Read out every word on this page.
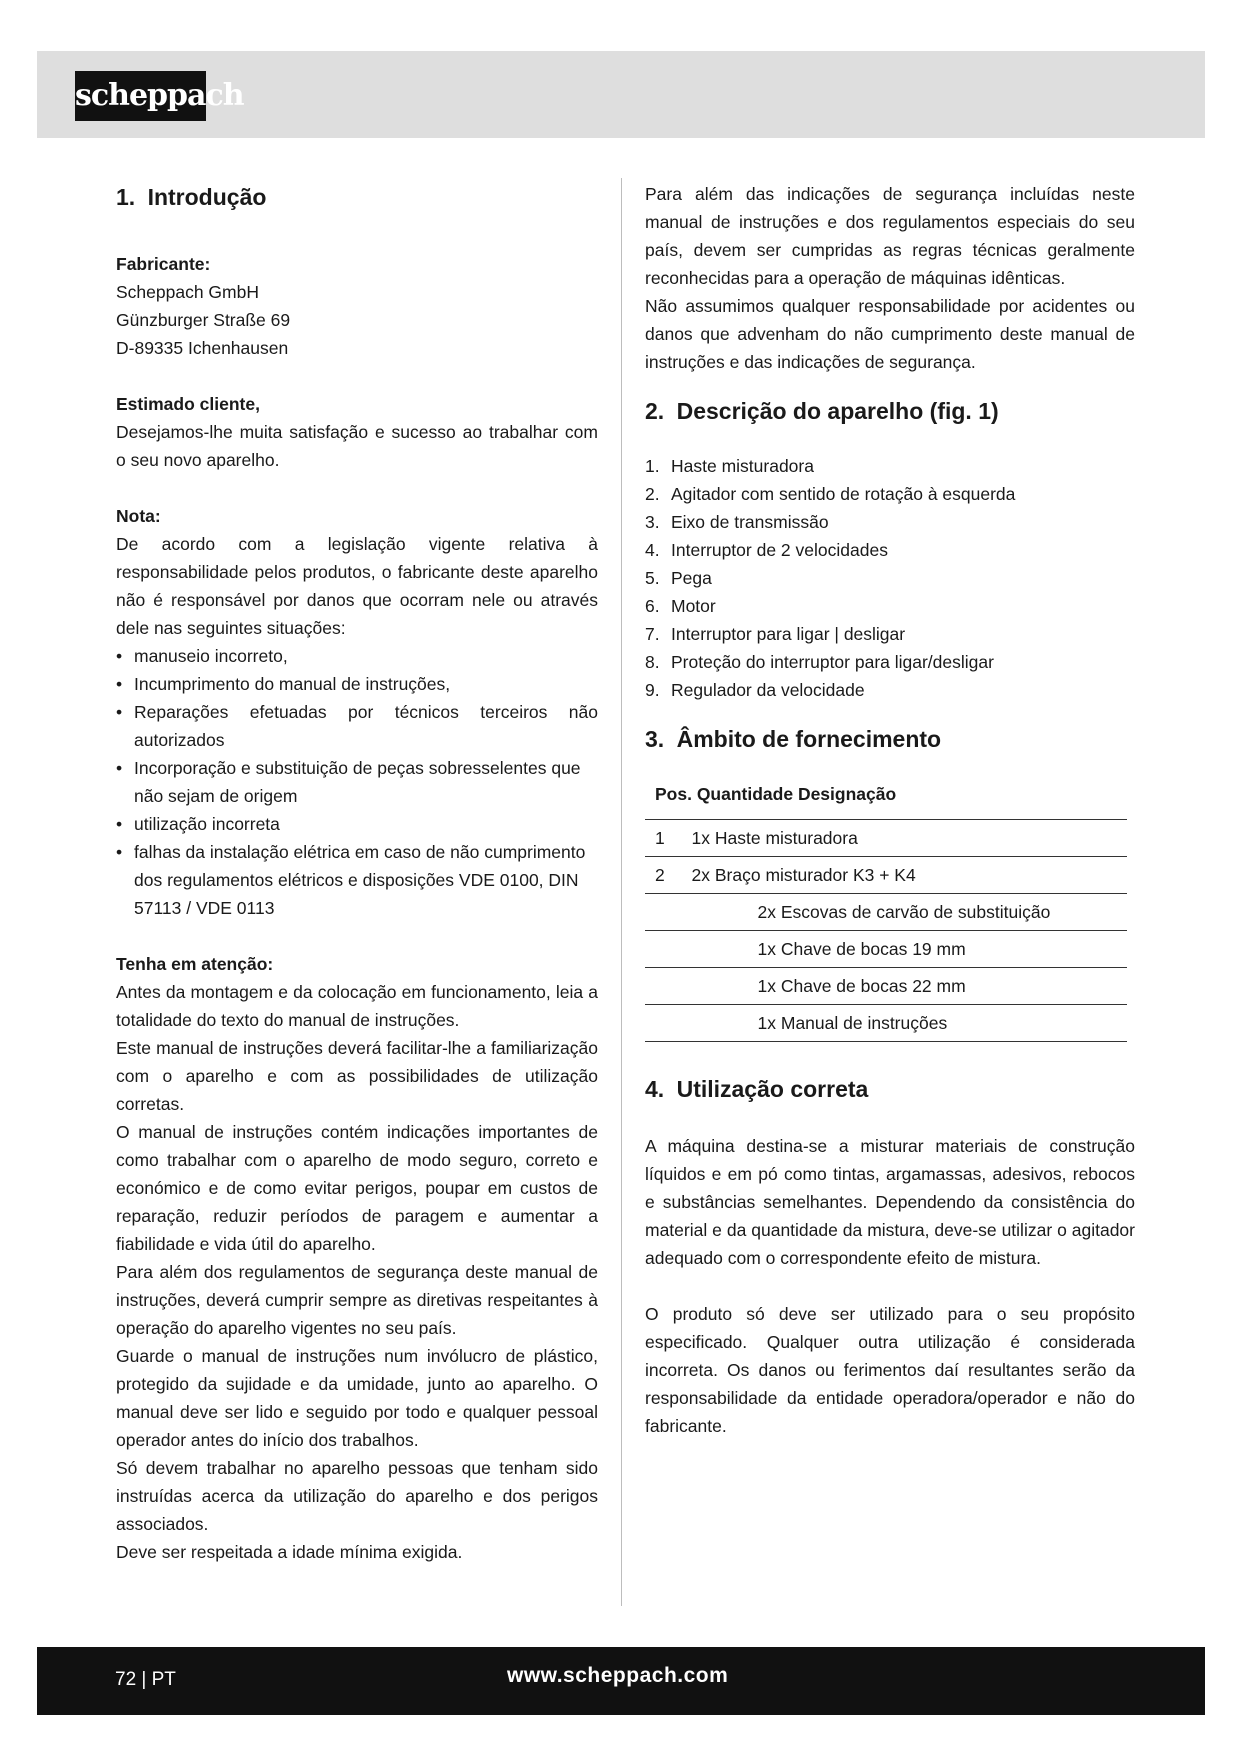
scheppach
1. Introdução

Fabricante:

Scheppach GmbH

Günzburger Straße 69

D-89335 Ichenhausen

Estimado cliente,

Desejamos-lhe muita satisfação e sucesso ao trabalhar com o seu novo aparelho.

Nota:

De acordo com a legislação vigente relativa à responsabilidade pelos produtos, o fabricante deste aparelho não é responsável por danos que ocorram nele ou através dele nas seguintes situações:

• manuseio incorreto,
• Incumprimento do manual de instruções,
• Reparações efetuadas por técnicos terceiros não autorizados
• Incorporação e substituição de peças sobresselentes que não sejam de origem
• utilização incorreta
• falhas da instalação elétrica em caso de não cumprimento dos regulamentos elétricos e disposições VDE 0100, DIN 57113 / VDE 0113

Tenha em atenção:

Antes da montagem e da colocação em funcionamento, leia a totalidade do texto do manual de instruções.

Este manual de instruções deverá facilitar-lhe a familiarização com o aparelho e com as possibilidades de utilização corretas.

O manual de instruções contém indicações importantes de como trabalhar com o aparelho de modo seguro, correto e económico e de como evitar perigos, poupar em custos de reparação, reduzir períodos de paragem e aumentar a fiabilidade e vida útil do aparelho.

Para além dos regulamentos de segurança deste manual de instruções, deverá cumprir sempre as diretivas respeitantes à operação do aparelho vigentes no seu país.

Guarde o manual de instruções num invólucro de plástico, protegido da sujidade e da umidade, junto ao aparelho. O manual deve ser lido e seguido por todo e qualquer pessoal operador antes do início dos trabalhos.

Só devem trabalhar no aparelho pessoas que tenham sido instruídas acerca da utilização do aparelho e dos perigos associados.

Deve ser respeitada a idade mínima exigida.

Para além das indicações de segurança incluídas neste manual de instruções e dos regulamentos especiais do seu país, devem ser cumpridas as regras técnicas geralmente reconhecidas para a operação de máquinas idênticas.

Não assumimos qualquer responsabilidade por acidentes ou danos que advenham do não cumprimento deste manual de instruções e das indicações de segurança.

2. Descrição do aparelho (fig. 1)
1. Haste misturadora
2. Agitador com sentido de rotação à esquerda
3. Eixo de transmissão
4. Interruptor de 2 velocidades
5. Pega
6. Motor
7. Interruptor para ligar | desligar
8. Proteção do interruptor para ligar/desligar
9. Regulador da velocidade
3. Âmbito de fornecimento
Pos. Quantidade Designação	
1	1x Haste misturadora
2	2x Braço misturador K3 + K4
	2x Escovas de carvão de substituição
	1x Chave de bocas 19 mm
	1x Chave de bocas 22 mm
	1x Manual de instruções
4. Utilização correta

A máquina destina-se a misturar materiais de construção líquidos e em pó como tintas, argamassas, adesivos, rebocos e substâncias semelhantes. Dependendo da consistência do material e da quantidade da mistura, deve-se utilizar o agitador adequado com o correspondente efeito de mistura.

O produto só deve ser utilizado para o seu propósito especificado. Qualquer outra utilização é considerada incorreta. Os danos ou ferimentos daí resultantes serão da responsabilidade da entidade operadora/operador e não do fabricante.

72 | PT	www.scheppach.com
